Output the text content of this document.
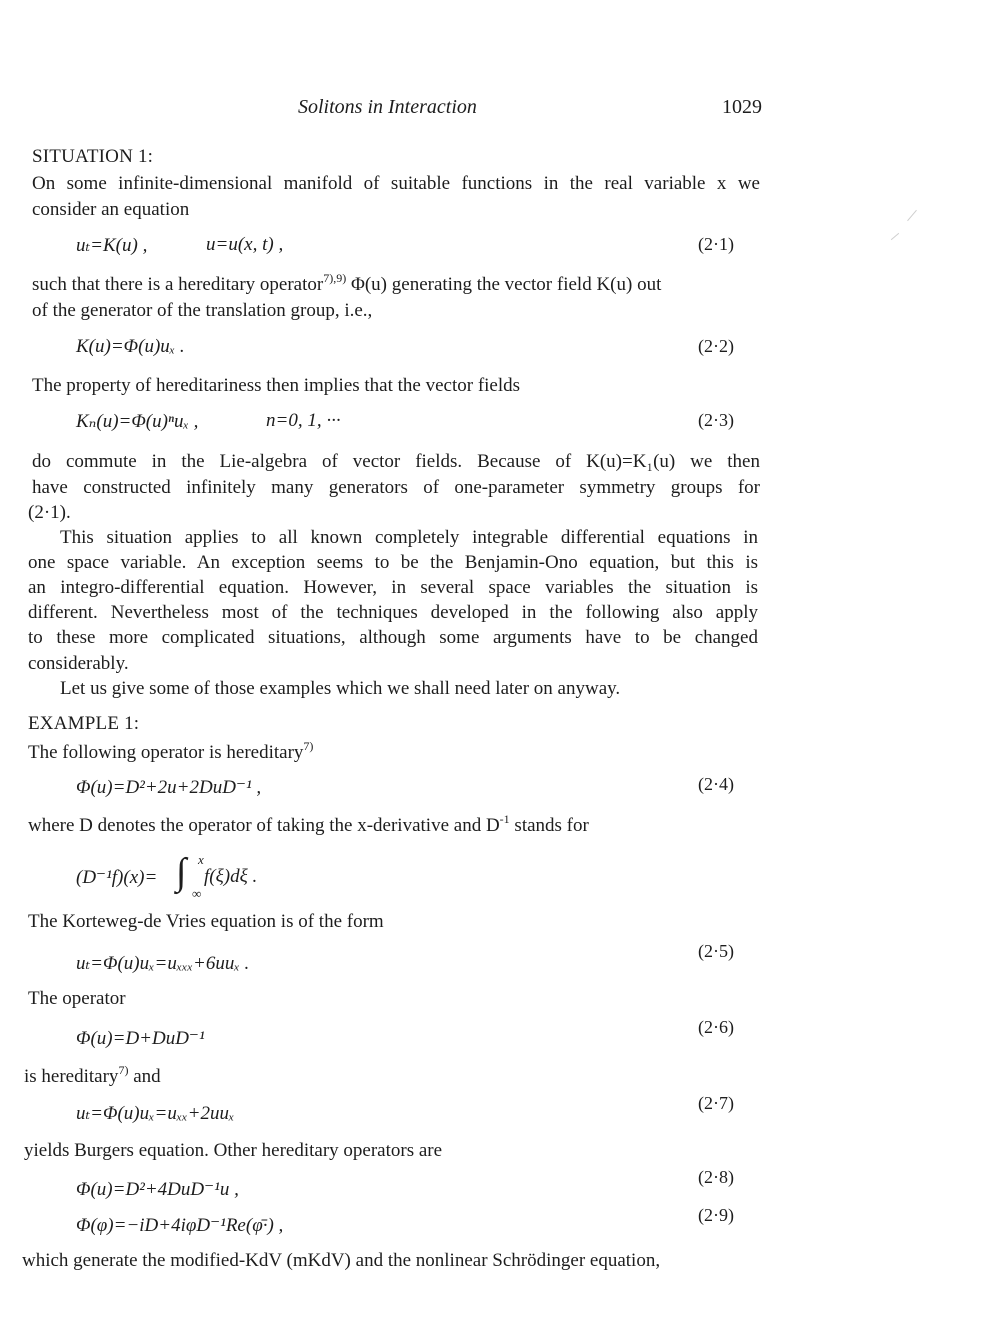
Solitons in Interaction	1029
SITUATION 1:
On some infinite-dimensional manifold of suitable functions in the real variable x we
consider an equation
uₜ=K(u) ,	u=u(x, t) ,	(2·1)
such that there is a hereditary operator$^{7),9)}$ Φ(u) generating the vector field K(u) out
of the generator of the translation group, i.e.,
K(u)=Φ(u)uₓ .	(2·2)
The property of hereditariness then implies that the vector fields
Kₙ(u)=Φ(u)ⁿuₓ ,	n=0, 1, ···	(2·3)
do commute in the Lie-algebra of vector fields. Because of K(u)=K₁(u) we then
have constructed infinitely many generators of one-parameter symmetry groups for
(2·1).
This situation applies to all known completely integrable differential equations in
one space variable. An exception seems to be the Benjamin-Ono equation, but this is
an integro-differential equation. However, in several space variables the situation is
different. Nevertheless most of the techniques developed in the following also apply
to these more complicated situations, although some arguments have to be changed
considerably.
Let us give some of those examples which we shall need later on anyway.
EXAMPLE 1:
The following operator is hereditary$^{7)}$
Φ(u)=D²+2u+2DuD⁻¹ ,	(2·4)
where D denotes the operator of taking the x-derivative and $D^{-1}$ stands for
(D⁻¹f)(x)= ∫ x
∞
f(ξ)dξ .
The Korteweg-de Vries equation is of the form
uₜ=Φ(u)uₓ=uₓₓₓ+6uuₓ .
(2·5)
The operator
Φ(u)=D+DuD⁻¹
(2·6)
is hereditary$^{7)}$ and
uₜ=Φ(u)uₓ=uₓₓ+2uuₓ	(2·7)
yields Burgers equation. Other hereditary operators are
Φ(u)=D²+4DuD⁻¹u ,
(2·8)
Φ(φ)=−iD+4iφD⁻¹Re(φ̄·) ,	(2·9)
which generate the modified-KdV (mKdV) and the nonlinear Schrödinger equation,
